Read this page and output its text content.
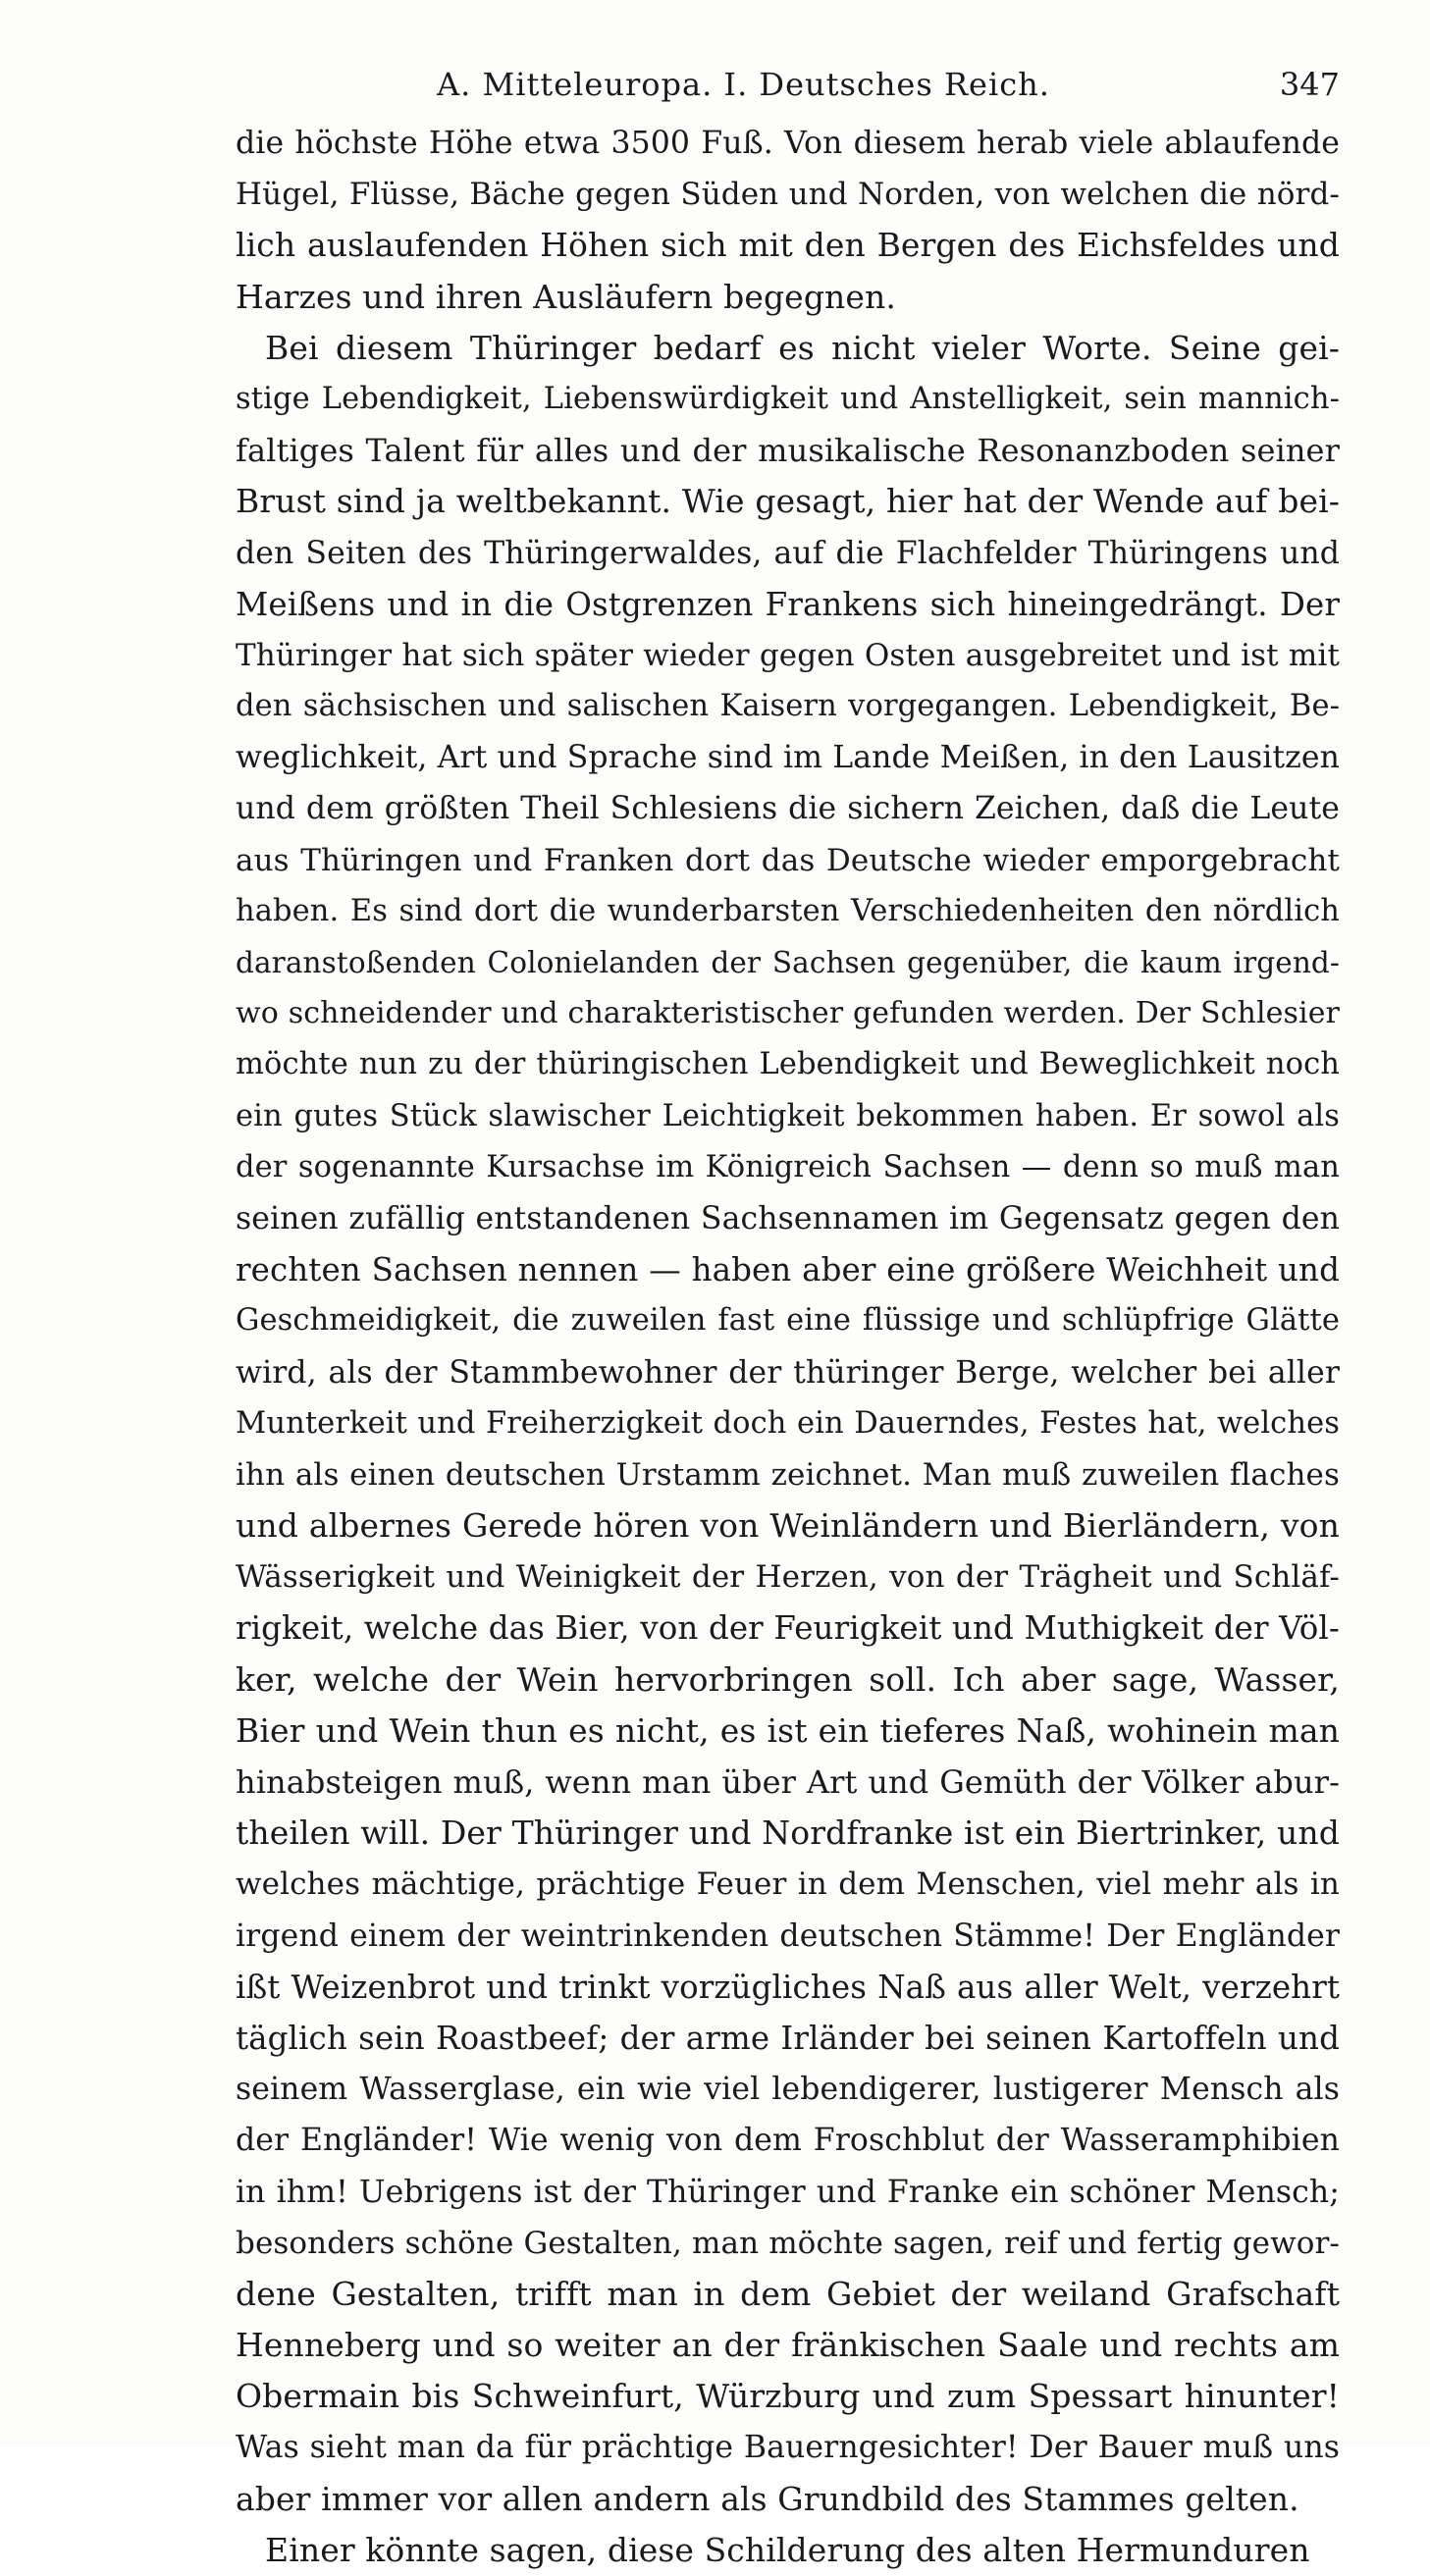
A. Mitteleuropa. I. Deutsches Reich.	347
die höchste Höhe etwa 3500 Fuß. Von diesem herab viele ablaufende
Hügel, Flüsse, Bäche gegen Süden und Norden, von welchen die nörd-
lich auslaufenden Höhen sich mit den Bergen des Eichsfeldes und
Harzes und ihren Ausläufern begegnen.
Bei diesem Thüringer bedarf es nicht vieler Worte. Seine gei-
stige Lebendigkeit, Liebenswürdigkeit und Anstelligkeit, sein mannich-
faltiges Talent für alles und der musikalische Resonanzboden seiner
Brust sind ja weltbekannt. Wie gesagt, hier hat der Wende auf bei-
den Seiten des Thüringerwaldes, auf die Flachfelder Thüringens und
Meißens und in die Ostgrenzen Frankens sich hineingedrängt. Der
Thüringer hat sich später wieder gegen Osten ausgebreitet und ist mit
den sächsischen und salischen Kaisern vorgegangen. Lebendigkeit, Be-
weglichkeit, Art und Sprache sind im Lande Meißen, in den Lausitzen
und dem größten Theil Schlesiens die sichern Zeichen, daß die Leute
aus Thüringen und Franken dort das Deutsche wieder emporgebracht
haben. Es sind dort die wunderbarsten Verschiedenheiten den nördlich
daranstoßenden Colonielanden der Sachsen gegenüber, die kaum irgend-
wo schneidender und charakteristischer gefunden werden. Der Schlesier
möchte nun zu der thüringischen Lebendigkeit und Beweglichkeit noch
ein gutes Stück slawischer Leichtigkeit bekommen haben. Er sowol als
der sogenannte Kursachse im Königreich Sachsen — denn so muß man
seinen zufällig entstandenen Sachsennamen im Gegensatz gegen den
rechten Sachsen nennen — haben aber eine größere Weichheit und
Geschmeidigkeit, die zuweilen fast eine flüssige und schlüpfrige Glätte
wird, als der Stammbewohner der thüringer Berge, welcher bei aller
Munterkeit und Freiherzigkeit doch ein Dauerndes, Festes hat, welches
ihn als einen deutschen Urstamm zeichnet. Man muß zuweilen flaches
und albernes Gerede hören von Weinländern und Bierländern, von
Wässerigkeit und Weinigkeit der Herzen, von der Trägheit und Schläf-
rigkeit, welche das Bier, von der Feurigkeit und Muthigkeit der Völ-
ker, welche der Wein hervorbringen soll. Ich aber sage, Wasser,
Bier und Wein thun es nicht, es ist ein tieferes Naß, wohinein man
hinabsteigen muß, wenn man über Art und Gemüth der Völker abur-
theilen will. Der Thüringer und Nordfranke ist ein Biertrinker, und
welches mächtige, prächtige Feuer in dem Menschen, viel mehr als in
irgend einem der weintrinkenden deutschen Stämme! Der Engländer
ißt Weizenbrot und trinkt vorzügliches Naß aus aller Welt, verzehrt
täglich sein Roastbeef; der arme Irländer bei seinen Kartoffeln und
seinem Wasserglase, ein wie viel lebendigerer, lustigerer Mensch als
der Engländer! Wie wenig von dem Froschblut der Wasseramphibien
in ihm! Uebrigens ist der Thüringer und Franke ein schöner Mensch;
besonders schöne Gestalten, man möchte sagen, reif und fertig gewor-
dene Gestalten, trifft man in dem Gebiet der weiland Grafschaft
Henneberg und so weiter an der fränkischen Saale und rechts am
Obermain bis Schweinfurt, Würzburg und zum Spessart hinunter!
Was sieht man da für prächtige Bauerngesichter! Der Bauer muß uns
aber immer vor allen andern als Grundbild des Stammes gelten.
Einer könnte sagen, diese Schilderung des alten Hermunduren
